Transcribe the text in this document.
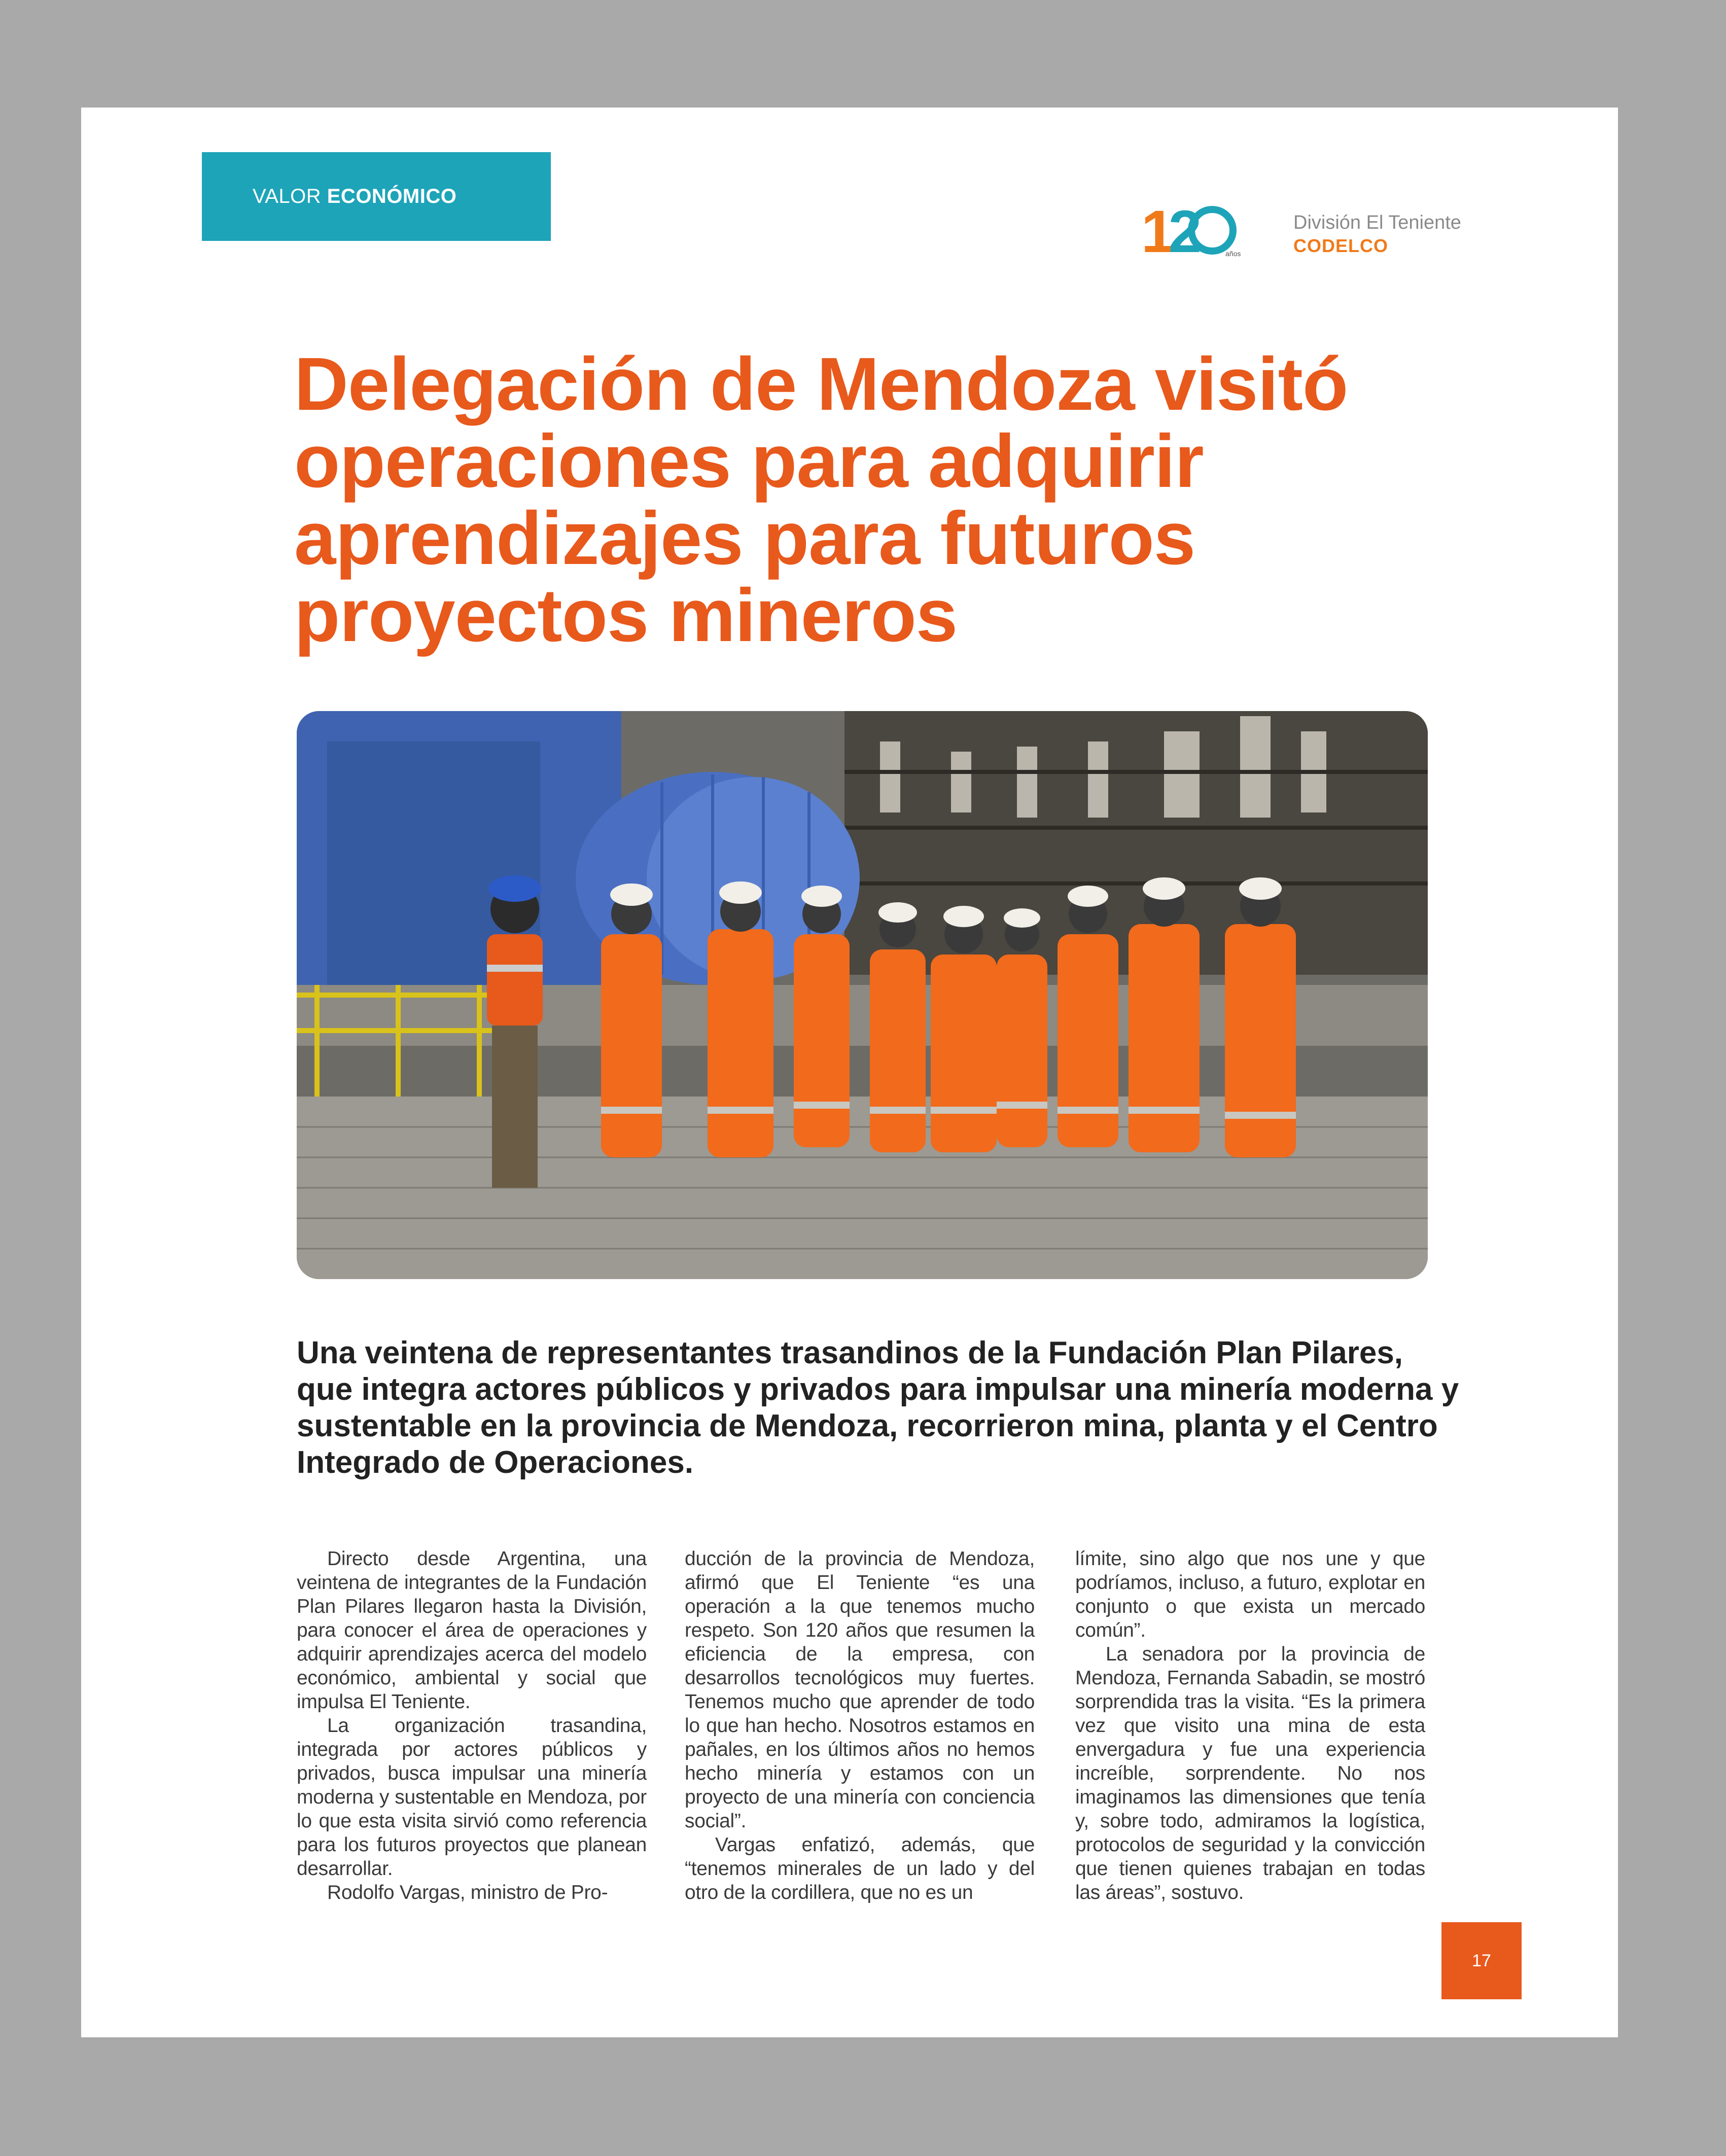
VALOR ECONÓMICO
12	años
División El Teniente
CODELCO
Delegación de Mendoza visitó operaciones para adquirir aprendizajes para futuros proyectos mineros

Una veintena de representantes trasandinos de la Fundación Plan Pilares, que integra actores públicos y privados para impulsar una minería moderna y sustentable en la provincia de Mendoza, recorrieron mina, planta y el Centro Integrado de Operaciones.

Directo desde Argentina, una veintena de integrantes de la Fundación Plan Pilares llegaron hasta la División, para conocer el área de operaciones y adquirir aprendizajes acerca del modelo económico, ambiental y social que impulsa El Teniente.

La organización trasandina, integrada por actores públicos y privados, busca impulsar una minería moderna y sustentable en Mendoza, por lo que esta visita sirvió como referencia para los futuros proyectos que planean desarrollar.

Rodolfo Vargas, ministro de Pro-

ducción de la provincia de Mendoza, afirmó que El Teniente “es una operación a la que tenemos mucho respeto. Son 120 años que resumen la eficiencia de la empresa, con desarrollos tecnológicos muy fuertes. Tenemos mucho que aprender de todo lo que han hecho. Nosotros estamos en pañales, en los últimos años no hemos hecho minería y estamos con un proyecto de una minería con conciencia social”.

Vargas enfatizó, además, que “tenemos minerales de un lado y del otro de la cordillera, que no es un

límite, sino algo que nos une y que podríamos, incluso, a futuro, explotar en conjunto o que exista un mercado común”.

La senadora por la provincia de Mendoza, Fernanda Sabadin, se mostró sorprendida tras la visita. “Es la primera vez que visito una mina de esta envergadura y fue una experiencia increíble, sorprendente. No nos imaginamos las dimensiones que tenía y, sobre todo, admiramos la logística, protocolos de seguridad y la convicción que tienen quienes trabajan en todas las áreas”, sostuvo.

17
